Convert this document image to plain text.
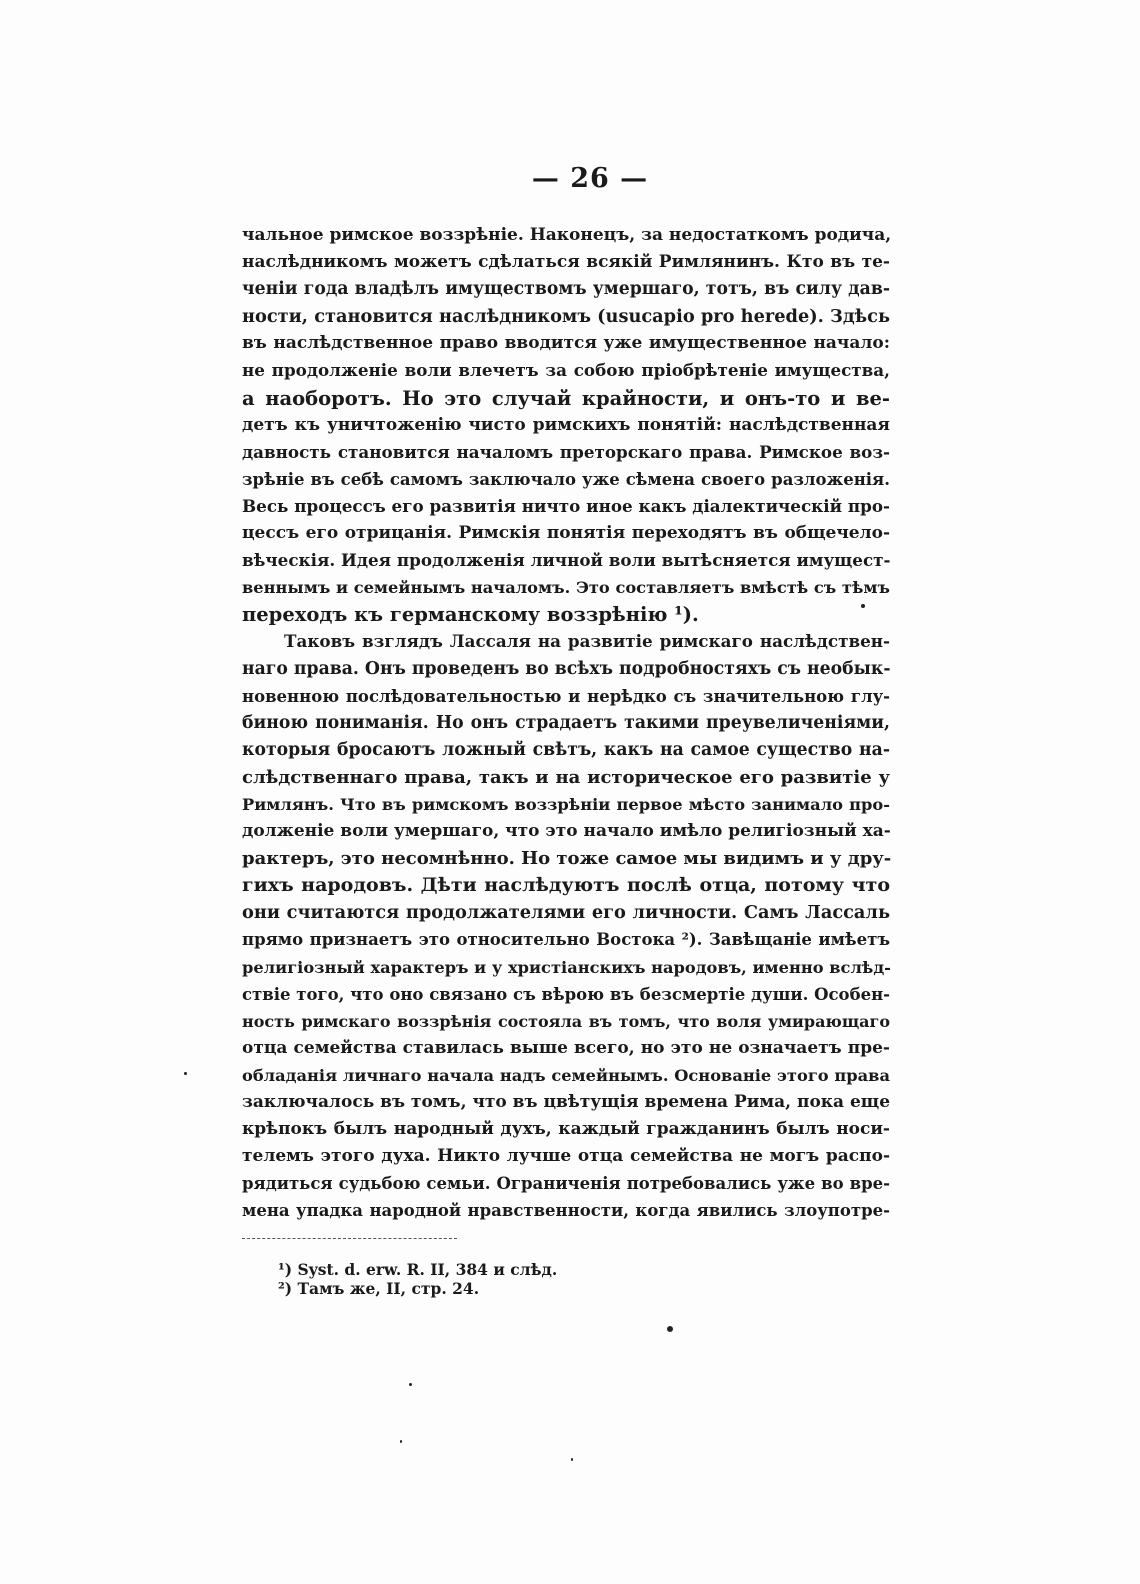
— 26 —
чальное римское воззрѣніе. Наконецъ, за недостаткомъ родича,
наслѣдникомъ можетъ сдѣлаться всякій Римлянинъ. Кто въ те-
ченіи года владѣлъ имуществомъ умершаго, тотъ, въ силу дав-
ности, становится наслѣдникомъ (usucapio pro herede). Здѣсь
въ наслѣдственное право вводится уже имущественное начало:
не продолженіе воли влечетъ за собою пріобрѣтеніе имущества,
а наоборотъ. Но это случай крайности, и онъ-то и ве-
детъ къ уничтоженію чисто римскихъ понятій: наслѣдственная
давность становится началомъ преторскаго права. Римское воз-
зрѣніе въ себѣ самомъ заключало уже сѣмена своего разложенія.
Весь процессъ его развитія ничто иное какъ діалектическій про-
цессъ его отрицанія. Римскія понятія переходятъ въ общечело-
вѣческія. Идея продолженія личной воли вытѣсняется имущест-
веннымъ и семейнымъ началомъ. Это составляетъ вмѣстѣ съ тѣмъ
переходъ къ германскому воззрѣнію ¹).
Таковъ взглядъ Лассаля на развитіе римскаго наслѣдствен-
наго права. Онъ проведенъ во всѣхъ подробностяхъ съ необык-
новенною послѣдовательностью и нерѣдко съ значительною глу-
биною пониманія. Но онъ страдаетъ такими преувеличеніями,
которыя бросаютъ ложный свѣтъ, какъ на самое существо на-
слѣдственнаго права, такъ и на историческое его развитіе у
Римлянъ. Что въ римскомъ воззрѣніи первое мѣсто занимало про-
долженіе воли умершаго, что это начало имѣло религіозный ха-
рактеръ, это несомнѣнно. Но тоже самое мы видимъ и у дру-
гихъ народовъ. Дѣти наслѣдуютъ послѣ отца, потому что
они считаются продолжателями его личности. Самъ Лассаль
прямо признаетъ это относительно Востока ²). Завѣщаніе имѣетъ
религіозный характеръ и у христіанскихъ народовъ, именно вслѣд-
ствіе того, что оно связано съ вѣрою въ безсмертіе души. Особен-
ность римскаго воззрѣнія состояла въ томъ, что воля умирающаго
отца семейства ставилась выше всего, но это не означаетъ пре-
обладанія личнаго начала надъ семейнымъ. Основаніе этого права
заключалось въ томъ, что въ цвѣтущія времена Рима, пока еще
крѣпокъ былъ народный духъ, каждый гражданинъ былъ носи-
телемъ этого духа. Никто лучше отца семейства не могъ распо-
рядиться судьбою семьи. Ограниченія потребовались уже во вре-
мена упадка народной нравственности, когда явились злоупотре-
¹) Syst. d. erw. R. II, 384 и слѣд.
²) Тамъ же, II, стр. 24.
